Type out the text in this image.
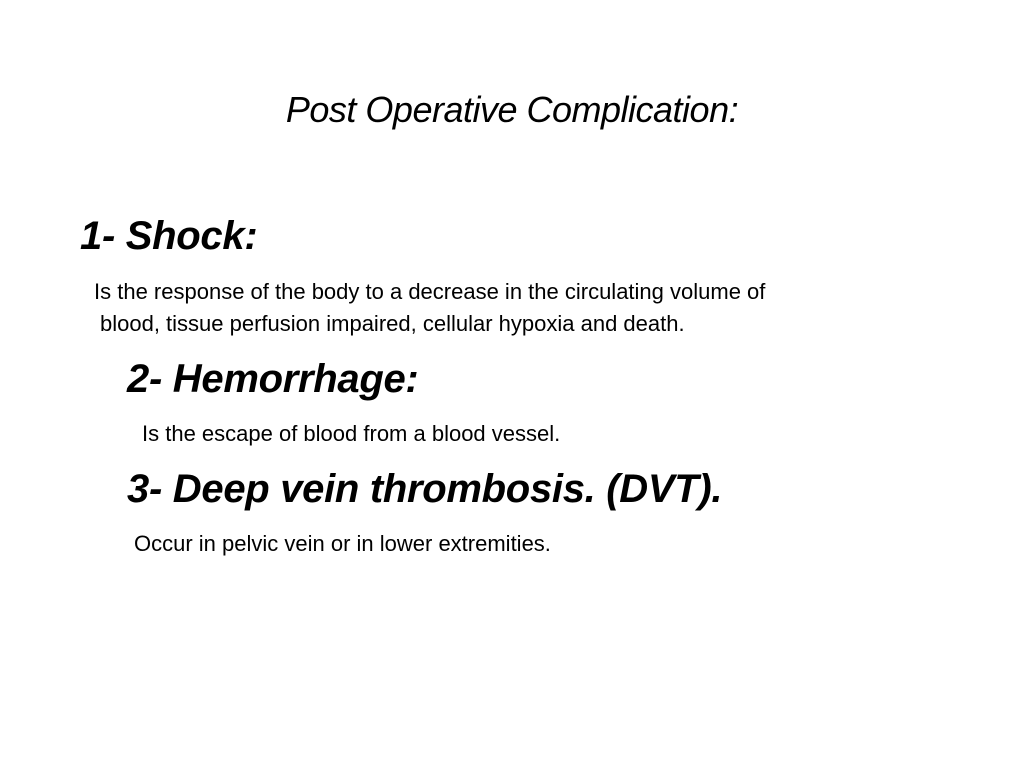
Post Operative Complication:
1- Shock:
Is the response of the body to a decrease in the circulating volume of
blood, tissue perfusion impaired, cellular hypoxia and death.
2- Hemorrhage:
Is the escape of blood from a blood vessel.
3- Deep vein thrombosis. (DVT).
Occur in pelvic vein or in lower extremities.
